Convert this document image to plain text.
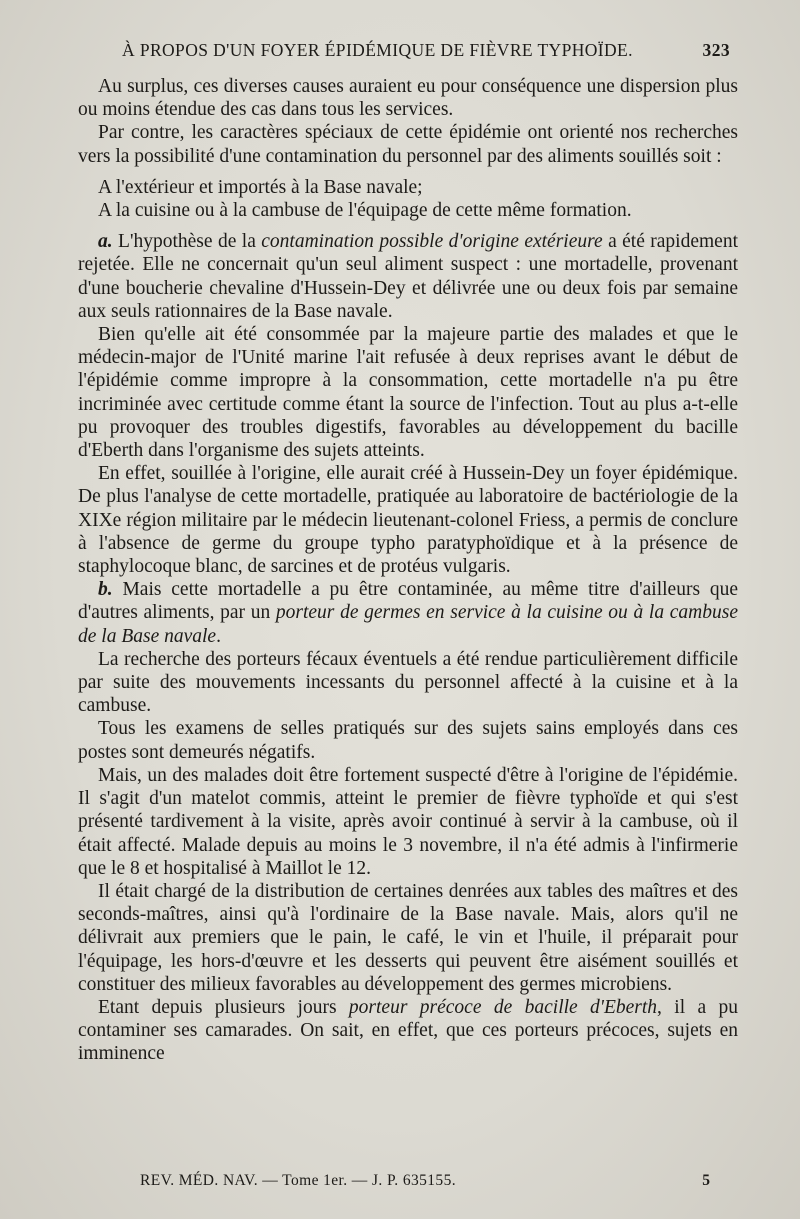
À PROPOS D'UN FOYER ÉPIDÉMIQUE DE FIÈVRE TYPHOÏDE.	323

Au surplus, ces diverses causes auraient eu pour conséquence une dispersion plus ou moins étendue des cas dans tous les services.

Par contre, les caractères spéciaux de cette épidémie ont orienté nos recherches vers la possibilité d'une contamination du personnel par des aliments souillés soit :

A l'extérieur et importés à la Base navale;

A la cuisine ou à la cambuse de l'équipage de cette même formation.

a. L'hypothèse de la contamination possible d'origine extérieure a été rapidement rejetée. Elle ne concernait qu'un seul aliment suspect : une mortadelle, provenant d'une boucherie chevaline d'Hussein-Dey et délivrée une ou deux fois par semaine aux seuls rationnaires de la Base navale.

Bien qu'elle ait été consommée par la majeure partie des malades et que le médecin-major de l'Unité marine l'ait refusée à deux reprises avant le début de l'épidémie comme impropre à la consommation, cette mortadelle n'a pu être incriminée avec certitude comme étant la source de l'infection. Tout au plus a-t-elle pu provoquer des troubles digestifs, favorables au développement du bacille d'Eberth dans l'organisme des sujets atteints.

En effet, souillée à l'origine, elle aurait créé à Hussein-Dey un foyer épidémique. De plus l'analyse de cette mortadelle, pratiquée au laboratoire de bactériologie de la XIXe région militaire par le médecin lieutenant-colonel Friess, a permis de conclure à l'absence de germe du groupe typho paratyphoïdique et à la présence de staphylocoque blanc, de sarcines et de protéus vulgaris.

b. Mais cette mortadelle a pu être contaminée, au même titre d'ailleurs que d'autres aliments, par un porteur de germes en service à la cuisine ou à la cambuse de la Base navale.

La recherche des porteurs fécaux éventuels a été rendue particulièrement difficile par suite des mouvements incessants du personnel affecté à la cuisine et à la cambuse.

Tous les examens de selles pratiqués sur des sujets sains employés dans ces postes sont demeurés négatifs.

Mais, un des malades doit être fortement suspecté d'être à l'origine de l'épidémie. Il s'agit d'un matelot commis, atteint le premier de fièvre typhoïde et qui s'est présenté tardivement à la visite, après avoir continué à servir à la cambuse, où il était affecté. Malade depuis au moins le 3 novembre, il n'a été admis à l'infirmerie que le 8 et hospitalisé à Maillot le 12.

Il était chargé de la distribution de certaines denrées aux tables des maîtres et des seconds-maîtres, ainsi qu'à l'ordinaire de la Base navale. Mais, alors qu'il ne délivrait aux premiers que le pain, le café, le vin et l'huile, il préparait pour l'équipage, les hors-d'œuvre et les desserts qui peuvent être aisément souillés et constituer des milieux favorables au développement des germes microbiens.

Etant depuis plusieurs jours porteur précoce de bacille d'Eberth, il a pu contaminer ses camarades. On sait, en effet, que ces porteurs précoces, sujets en imminence

REV. MÉD. NAV. — Tome 1er. — J. P. 635155.	5
